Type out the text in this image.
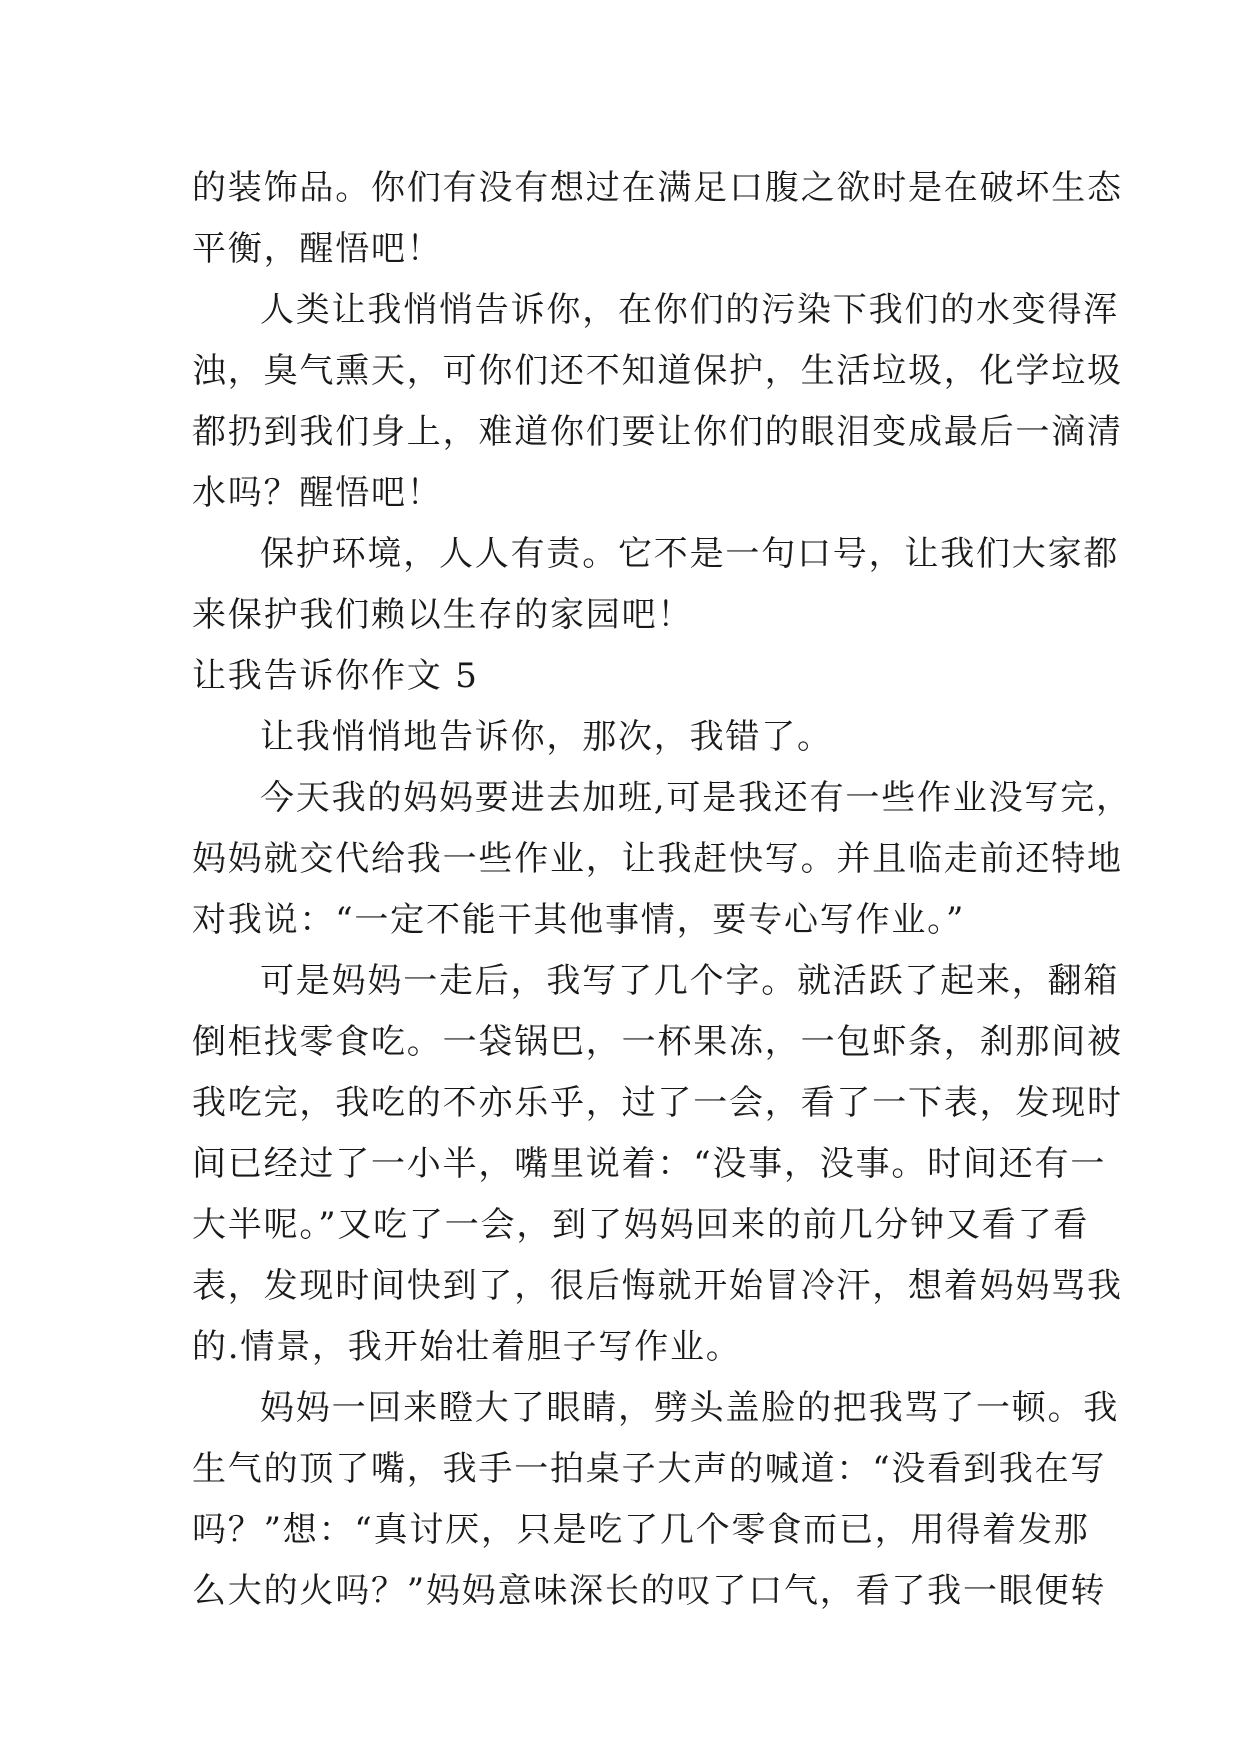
的装饰品。你们有没有想过在满足口腹之欲时是在破坏生态
平衡，醒悟吧！
人类让我悄悄告诉你，在你们的污染下我们的水变得浑
浊，臭气熏天，可你们还不知道保护，生活垃圾，化学垃圾
都扔到我们身上，难道你们要让你们的眼泪变成最后一滴清
水吗？醒悟吧！
保护环境，人人有责。它不是一句口号，让我们大家都
来保护我们赖以生存的家园吧！
让我告诉你作文 5
让我悄悄地告诉你，那次，我错了。
今天我的妈妈要进去加班,可是我还有一些作业没写完，
妈妈就交代给我一些作业，让我赶快写。并且临走前还特地
对我说：“一定不能干其他事情，要专心写作业。”
可是妈妈一走后，我写了几个字。就活跃了起来，翻箱
倒柜找零食吃。一袋锅巴，一杯果冻，一包虾条，刹那间被
我吃完，我吃的不亦乐乎，过了一会，看了一下表，发现时
间已经过了一小半，嘴里说着：“没事，没事。时间还有一
大半呢。”又吃了一会，到了妈妈回来的前几分钟又看了看
表，发现时间快到了，很后悔就开始冒冷汗，想着妈妈骂我
的.情景，我开始壮着胆子写作业。
妈妈一回来瞪大了眼睛，劈头盖脸的把我骂了一顿。我
生气的顶了嘴，我手一拍桌子大声的喊道：“没看到我在写
吗？”想：“真讨厌，只是吃了几个零食而已，用得着发那
么大的火吗？”妈妈意味深长的叹了口气，看了我一眼便转
